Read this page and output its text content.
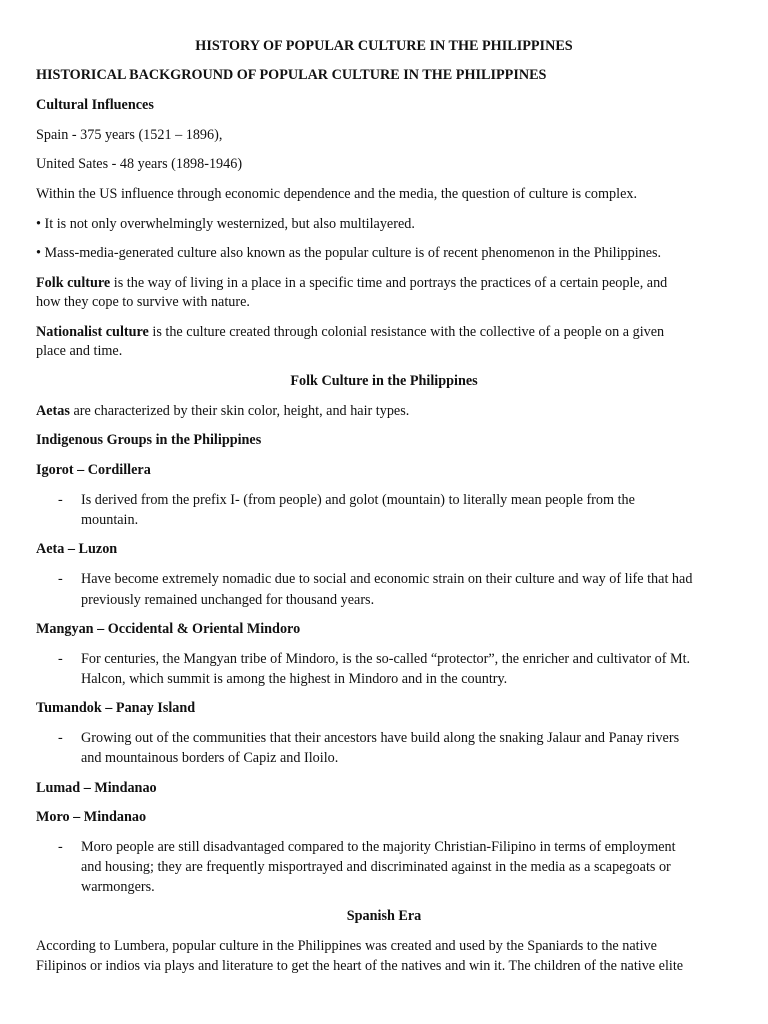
HISTORY OF POPULAR CULTURE IN THE PHILIPPINES
HISTORICAL BACKGROUND OF POPULAR CULTURE IN THE PHILIPPINES
Cultural Influences
Spain - 375 years (1521 – 1896),
United Sates - 48 years (1898-1946)
Within the US influence through economic dependence and the media, the question of culture is complex.
• It is not only overwhelmingly westernized, but also multilayered.
• Mass-media-generated culture also known as the popular culture is of recent phenomenon in the Philippines.
Folk culture is the way of living in a place in a specific time and portrays the practices of a certain people, and
how they cope to survive with nature.
Nationalist culture is the culture created through colonial resistance with the collective of a people on a given
place and time.
Folk Culture in the Philippines
Aetas are characterized by their skin color, height, and hair types.
Indigenous Groups in the Philippines
Igorot – Cordillera
- Is derived from the prefix I- (from people) and golot (mountain) to literally mean people from the
mountain.
Aeta – Luzon
- Have become extremely nomadic due to social and economic strain on their culture and way of life that had
previously remained unchanged for thousand years.
Mangyan – Occidental & Oriental Mindoro
- For centuries, the Mangyan tribe of Mindoro, is the so-called “protector”, the enricher and cultivator of Mt.
Halcon, which summit is among the highest in Mindoro and in the country.
Tumandok – Panay Island
- Growing out of the communities that their ancestors have build along the snaking Jalaur and Panay rivers
and mountainous borders of Capiz and Iloilo.
Lumad – Mindanao
Moro – Mindanao
- Moro people are still disadvantaged compared to the majority Christian-Filipino in terms of employment
and housing; they are frequently misportrayed and discriminated against in the media as a scapegoats or
warmongers.
Spanish Era
According to Lumbera, popular culture in the Philippines was created and used by the Spaniards to the native
Filipinos or indios via plays and literature to get the heart of the natives and win it. The children of the native elite
